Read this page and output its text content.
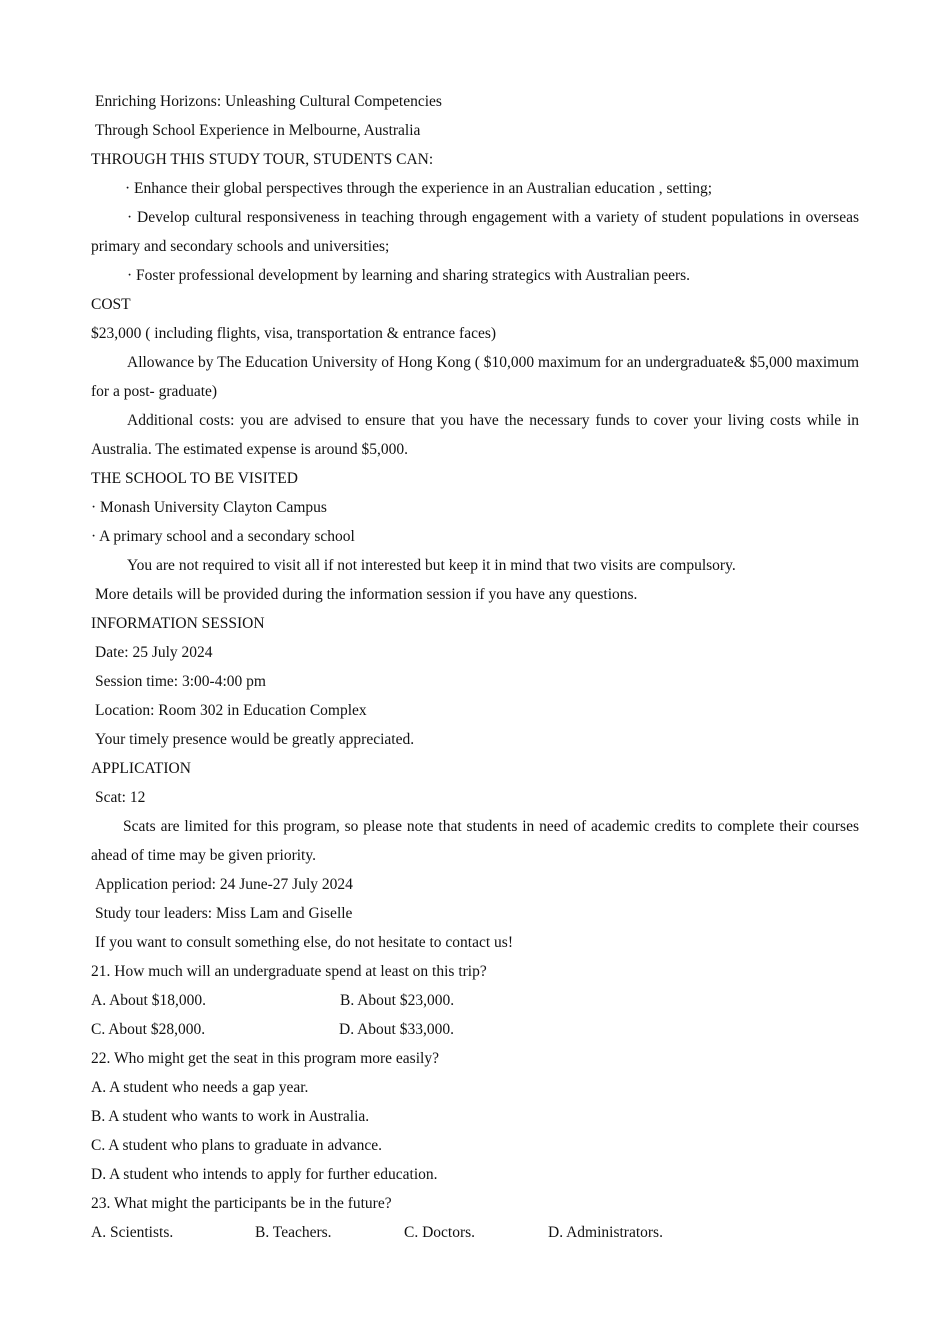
Enriching Horizons: Unleashing Cultural Competencies

Through School Experience in Melbourne, Australia

THROUGH THIS STUDY TOUR, STUDENTS CAN:

· Enhance their global perspectives through the experience in an Australian education , setting;

· Develop cultural responsiveness in teaching through engagement with a variety of student populations in overseas primary and secondary schools and universities;

· Foster professional development by learning and sharing strategics with Australian peers.

COST

$23,000 ( including flights, visa, transportation & entrance faces)

Allowance by The Education University of Hong Kong ( $10,000 maximum for an undergraduate& $5,000 maximum for a post- graduate)

Additional costs: you are advised to ensure that you have the necessary funds to cover your living costs while in Australia. The estimated expense is around $5,000.

THE SCHOOL TO BE VISITED

· Monash University Clayton Campus

· A primary school and a secondary school

You are not required to visit all if not interested but keep it in mind that two visits are compulsory.

More details will be provided during the information session if you have any questions.

INFORMATION SESSION

Date: 25 July 2024

Session time: 3:00-4:00 pm

Location: Room 302 in Education Complex

Your timely presence would be greatly appreciated.

APPLICATION

Scat: 12

Scats are limited for this program, so please note that students in need of academic credits to complete their courses ahead of time may be given priority.

Application period: 24 June-27 July 2024

Study tour leaders: Miss Lam and Giselle

If you want to consult something else, do not hesitate to contact us!

21. How much will an undergraduate spend at least on this trip?

A. About $18,000.	B. About $23,000.
C. About $28,000.	D. About $33,000.

22. Who might get the seat in this program more easily?

A. A student who needs a gap year.

B. A student who wants to work in Australia.

C. A student who plans to graduate in advance.

D. A student who intends to apply for further education.

23. What might the participants be in the future?

A. Scientists.	B. Teachers.	C. Doctors.	D. Administrators.
